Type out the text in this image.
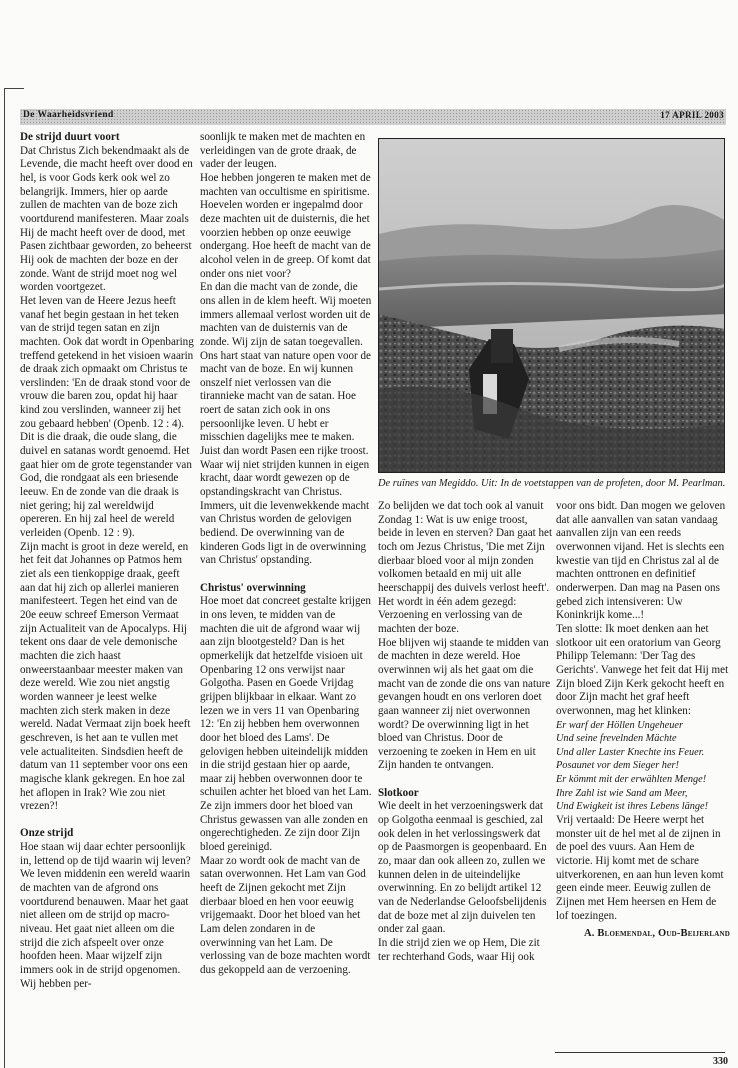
De Waarheidsvriend	17 APRIL 2003
De strijd duurt voort

Dat Christus Zich bekendmaakt als de Levende, die macht heeft over dood en hel, is voor Gods kerk ook wel zo belangrijk. Immers, hier op aarde zullen de machten van de boze zich voortdurend manifesteren. Maar zoals Hij de macht heeft over de dood, met Pasen zichtbaar geworden, zo beheerst Hij ook de machten der boze en der zonde. Want de strijd moet nog wel worden voortgezet.

Het leven van de Heere Jezus heeft vanaf het begin gestaan in het teken van de strijd tegen satan en zijn machten. Ook dat wordt in Openbaring treffend getekend in het visioen waarin de draak zich opmaakt om Christus te verslinden: 'En de draak stond voor de vrouw die baren zou, opdat hij haar kind zou verslinden, wanneer zij het zou gebaard hebben' (Openb. 12 : 4). Dit is die draak, die oude slang, die duivel en satanas wordt genoemd. Het gaat hier om de grote tegenstander van God, die rondgaat als een briesende leeuw. En de zonde van die draak is niet gering; hij zal wereldwijd opereren. En hij zal heel de wereld verleiden (Openb. 12 : 9).

Zijn macht is groot in deze wereld, en het feit dat Johannes op Patmos hem ziet als een tienkoppige draak, geeft aan dat hij zich op allerlei manieren manifesteert. Tegen het eind van de 20e eeuw schreef Emerson Vermaat zijn Actualiteit van de Apocalyps. Hij tekent ons daar de vele demonische machten die zich haast onweerstaanbaar meester maken van deze wereld. Wie zou niet angstig worden wanneer je leest welke machten zich sterk maken in deze wereld. Nadat Vermaat zijn boek heeft geschreven, is het aan te vullen met vele actualiteiten. Sindsdien heeft de datum van 11 september voor ons een magische klank gekregen. En hoe zal het aflopen in Irak? Wie zou niet vrezen?!

Onze strijd

Hoe staan wij daar echter persoonlijk in, lettend op de tijd waarin wij leven? We leven middenin een wereld waarin de machten van de afgrond ons voortdurend benauwen. Maar het gaat niet alleen om de strijd op macro-niveau. Het gaat niet alleen om die strijd die zich afspeelt over onze hoofden heen. Maar wijzelf zijn immers ook in de strijd opgenomen. Wij hebben per-

soonlijk te maken met de machten en verleidingen van de grote draak, de vader der leugen.

Hoe hebben jongeren te maken met de machten van occultisme en spiritisme. Hoevelen worden er ingepalmd door deze machten uit de duisternis, die het voorzien hebben op onze eeuwige ondergang. Hoe heeft de macht van de alcohol velen in de greep. Of komt dat onder ons niet voor?

En dan die macht van de zonde, die ons allen in de klem heeft. Wij moeten immers allemaal verlost worden uit de machten van de duisternis van de zonde. Wij zijn de satan toegevallen. Ons hart staat van nature open voor de macht van de boze. En wij kunnen onszelf niet verlossen van die tirannieke macht van de satan. Hoe roert de satan zich ook in ons persoonlijke leven. U hebt er misschien dagelijks mee te maken.

Juist dan wordt Pasen een rijke troost. Waar wij niet strijden kunnen in eigen kracht, daar wordt gewezen op de opstandingskracht van Christus. Immers, uit die levenwekkende macht van Christus worden de gelovigen bediend. De overwinning van de kinderen Gods ligt in de overwinning van Christus' opstanding.

Christus' overwinning

Hoe moet dat concreet gestalte krijgen in ons leven, te midden van de machten die uit de afgrond waar wij aan zijn blootgesteld? Dan is het opmerkelijk dat hetzelfde visioen uit Openbaring 12 ons verwijst naar Golgotha. Pasen en Goede Vrijdag grijpen blijkbaar in elkaar. Want zo lezen we in vers 11 van Openbaring 12: 'En zij hebben hem overwonnen door het bloed des Lams'. De gelovigen hebben uiteindelijk midden in die strijd gestaan hier op aarde, maar zij hebben overwonnen door te schuilen achter het bloed van het Lam. Ze zijn immers door het bloed van Christus gewassen van alle zonden en ongerechtigheden. Ze zijn door Zijn bloed gereinigd.

Maar zo wordt ook de macht van de satan overwonnen. Het Lam van God heeft de Zijnen gekocht met Zijn dierbaar bloed en hen voor eeuwig vrijgemaakt. Door het bloed van het Lam delen zondaren in de overwinning van het Lam. De verlossing van de boze machten wordt dus gekoppeld aan de verzoening.

De ruïnes van Megiddo. Uit: In de voetstappen van de profeten, door M. Pearlman.

Zo belijden we dat toch ook al vanuit Zondag 1: Wat is uw enige troost, beide in leven en sterven? Dan gaat het toch om Jezus Christus, 'Die met Zijn dierbaar bloed voor al mijn zonden volkomen betaald en mij uit alle heerschappij des duivels verlost heeft'. Het wordt in één adem gezegd: Verzoening en verlossing van de machten der boze.

Hoe blijven wij staande te midden van de machten in deze wereld. Hoe overwinnen wij als het gaat om die macht van de zonde die ons van nature gevangen houdt en ons verloren doet gaan wanneer zij niet overwonnen wordt? De overwinning ligt in het bloed van Christus. Door de verzoening te zoeken in Hem en uit Zijn handen te ontvangen.

Slotkoor

Wie deelt in het verzoeningswerk dat op Golgotha eenmaal is geschied, zal ook delen in het verlossingswerk dat op de Paasmorgen is geopenbaard. En zo, maar dan ook alleen zo, zullen we kunnen delen in de uiteindelijke overwinning. En zo belijdt artikel 12 van de Nederlandse Geloofsbelijdenis dat de boze met al zijn duivelen ten onder zal gaan.

In die strijd zien we op Hem, Die zit ter rechterhand Gods, waar Hij ook

voor ons bidt. Dan mogen we geloven dat alle aanvallen van satan vandaag aanvallen zijn van een reeds overwonnen vijand. Het is slechts een kwestie van tijd en Christus zal al de machten onttronen en definitief onderwerpen. Dan mag na Pasen ons gebed zich intensiveren: Uw Koninkrijk kome...!

Ten slotte: Ik moet denken aan het slotkoor uit een oratorium van Georg Philipp Telemann: 'Der Tag des Gerichts'. Vanwege het feit dat Hij met Zijn bloed Zijn Kerk gekocht heeft en door Zijn macht het graf heeft overwonnen, mag het klinken:

Er warf der Höllen Ungeheuer
Und seine frevelnden Mächte
Und aller Laster Knechte ins Feuer.
Posaunet vor dem Sieger her!
Er kömmt mit der erwählten Menge!
Ihre Zahl ist wie Sand am Meer,
Und Ewigkeit ist ihres Lebens länge!

Vrij vertaald: De Heere werpt het monster uit de hel met al de zijnen in de poel des vuurs. Aan Hem de victorie. Hij komt met de schare uitverkorenen, en aan hun leven komt geen einde meer. Eeuwig zullen de Zijnen met Hem heersen en Hem de lof toezingen.

A. Bloemendal, Oud-Beijerland

330
